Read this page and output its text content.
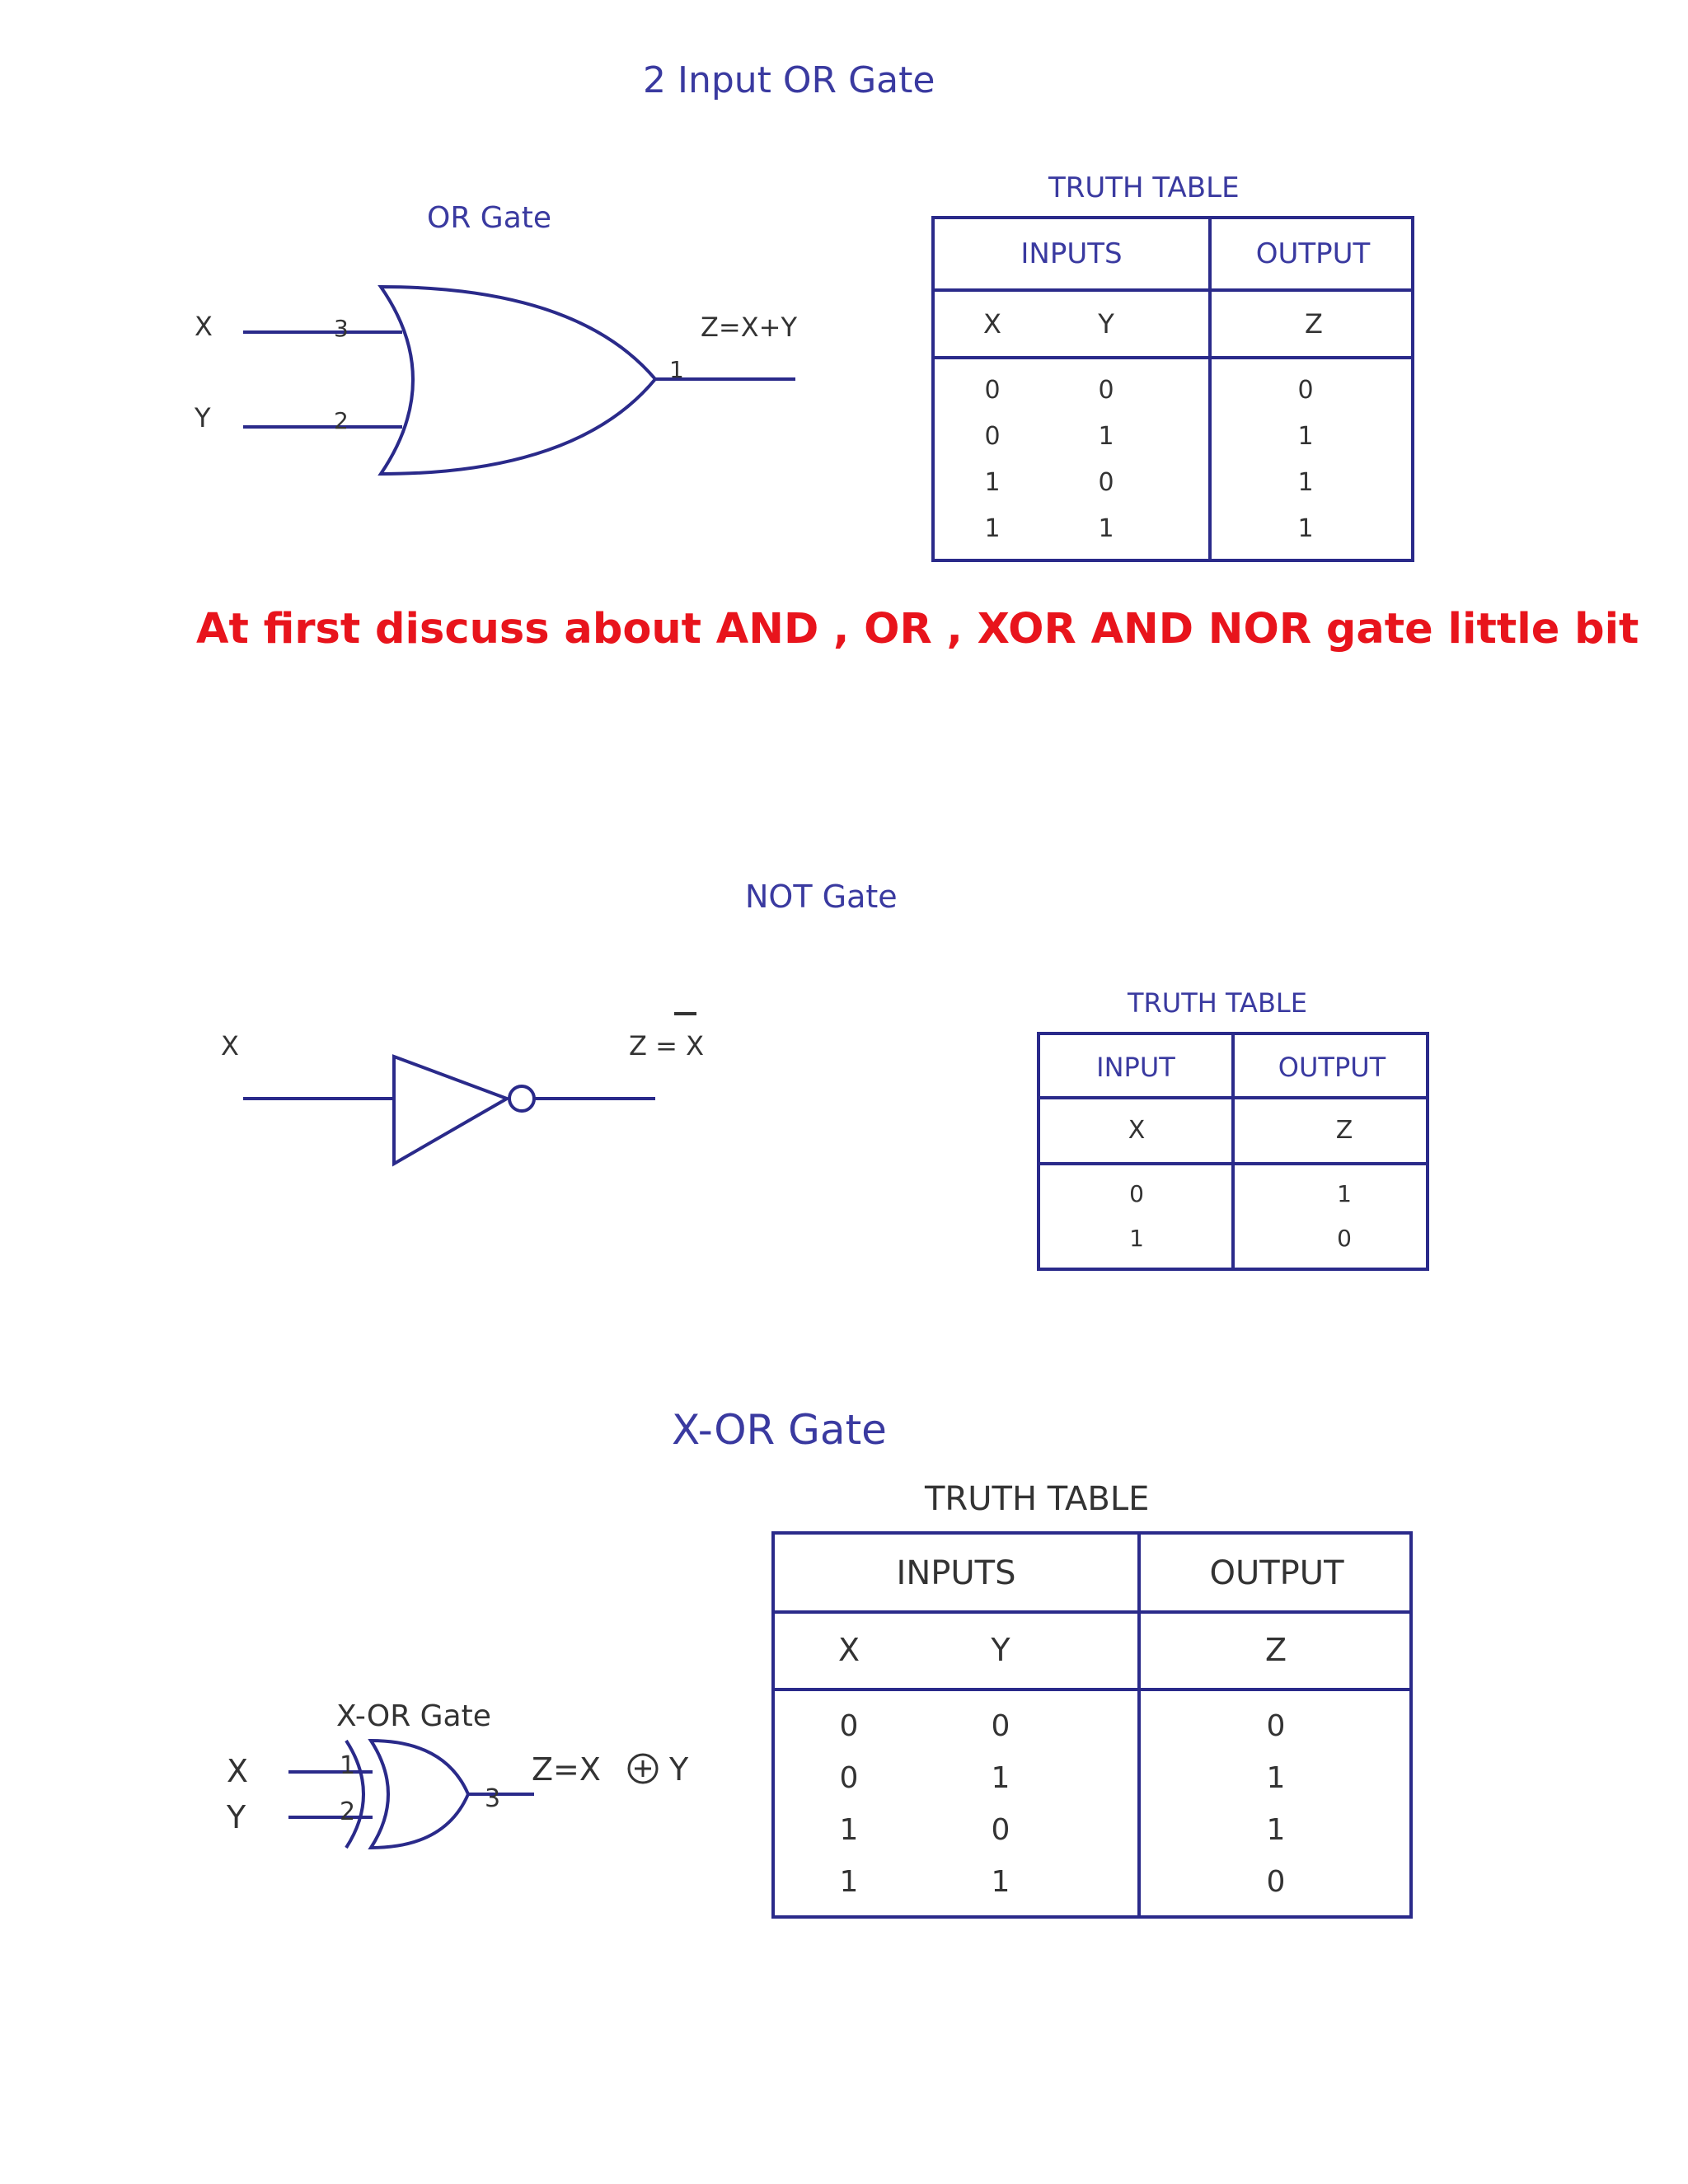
2 Input OR Gate
X
Y
3
2
1
Z=X+Y
OR Gate
TRUTH TABLE
INPUTS	OUTPUT
X	Y	Z
0	0	0
0	1	1
1	0	1
1	1	1
At first discuss about AND , OR , XOR AND NOR gate little bit
NOT Gate
X	Z = X
TRUTH TABLE
INPUT	OUTPUT
X	Z
0	1
1	0
X-OR Gate
TRUTH TABLE
INPUTS	OUTPUT
X	Y	Z
0	0	0
0	1	1
1	0	1
1	1	0
X
Y
1
2	3
Z=X Y
X-OR Gate
